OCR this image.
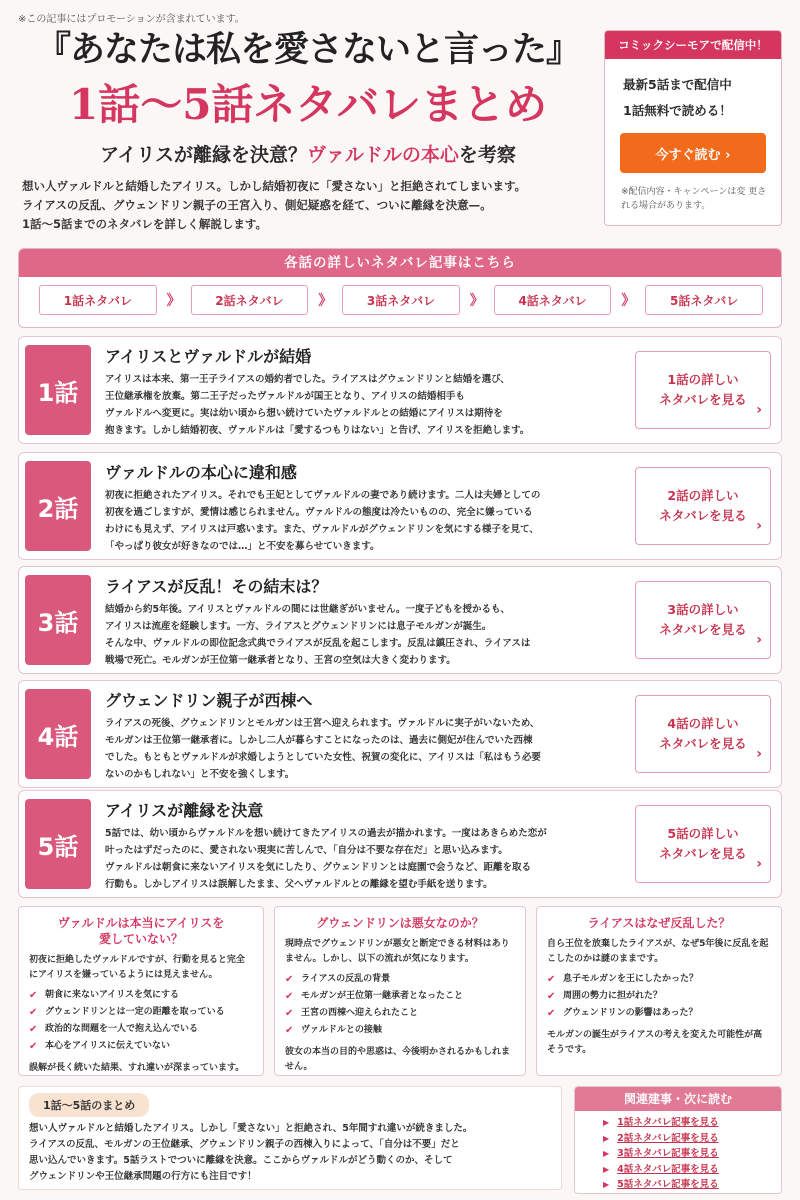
※この記事にはプロモーションが含まれています。
『あなたは私を愛さないと言った』
1話〜5話ネタバレまとめ
アイリスが離縁を決意？ヴァルドルの本心を考察
想い人ヴァルドルと結婚したアイリス。しかし結婚初夜に「愛さない」と拒絶されてしまいます。
ライアスの反乱、グウェンドリン親子の王宮入り、側妃疑惑を経て、ついに離縁を決意—。
1話〜5話までのネタバレを詳しく解説します。
コミックシーモアで配信中！
最新5話まで配信中
1話無料で読める！
今すぐ読む ›
※配信内容・キャンペーンは変 更される場合があります。
各話の詳しいネタバレ記事はこちら
1話ネタバレ	》	2話ネタバレ	》	3話ネタバレ	》	4話ネタバレ	》	5話ネタバレ
1話
アイリスとヴァルドルが結婚
アイリスは本来、第一王子ライアスの婚約者でした。ライアスはグウェンドリンと結婚を選び、
王位継承権を放棄。第二王子だったヴァルドルが国王となり、アイリスの結婚相手も
ヴァルドルへ変更に。実は幼い頃から想い続けていたヴァルドルとの結婚にアイリスは期待を
抱きます。しかし結婚初夜、ヴァルドルは「愛するつもりはない」と告げ、アイリスを拒絶します。
1話の詳しい
ネタバレを見る
›
2話
ヴァルドルの本心に違和感
初夜に拒絶されたアイリス。それでも王妃としてヴァルドルの妻であり続けます。二人は夫婦としての
初夜を過ごしますが、愛情は感じられません。ヴァルドルの態度は冷たいものの、完全に嫌っている
わけにも見えず、アイリスは戸惑います。また、ヴァルドルがグウェンドリンを気にする様子を見て、
「やっぱり彼女が好きなのでは…」と不安を募らせていきます。
2話の詳しい
ネタバレを見る
›
3話
ライアスが反乱！その結末は？
結婚から約5年後。アイリスとヴァルドルの間には世継ぎがいません。一度子どもを授かるも、
アイリスは流産を経験します。一方、ライアスとグウェンドリンには息子モルガンが誕生。
そんな中、ヴァルドルの即位記念式典でライアスが反乱を起こします。反乱は鎮圧され、ライアスは
戦場で死亡。モルガンが王位第一継承者となり、王宮の空気は大きく変わります。
3話の詳しい
ネタバレを見る
›
4話
グウェンドリン親子が西棟へ
ライアスの死後、グウェンドリンとモルガンは王宮へ迎えられます。ヴァルドルに実子がいないため、
モルガンは王位第一継承者に。しかし二人が暮らすことになったのは、過去に側妃が住んでいた西棟
でした。もともとヴァルドルが求婚しようとしていた女性、祝賀の変化に、アイリスは「私はもう必要
ないのかもしれない」と不安を強くします。
4話の詳しい
ネタバレを見る
›
5話
アイリスが離縁を決意
5話では、幼い頃からヴァルドルを想い続けてきたアイリスの過去が描かれます。一度はあきらめた恋が
叶ったはずだったのに、愛されない現実に苦しんで、「自分は不要な存在だ」と思い込みます。
ヴァルドルは朝食に来ないアイリスを気にしたり、グウェンドリンとは庭園で会うなど、距離を取る
行動も。しかしアイリスは誤解したまま、父へヴァルドルとの離縁を望む手紙を送ります。
5話の詳しい
ネタバレを見る
›
ヴァルドルは本当にアイリスを
愛していない？
初夜に拒絶したヴァルドルですが、行動を見ると完全にアイリスを嫌っているようには見えません。
✔ 朝食に来ないアイリスを気にする
✔ グウェンドリンとは一定の距離を取っている
✔ 政治的な問題を一人で抱え込んでいる
✔ 本心をアイリスに伝えていない
誤解が長く続いた結果、すれ違いが深まっています。
グウェンドリンは悪女なのか？
現時点でグウェンドリンが悪女と断定できる材料はありません。しかし、以下の流れが気になります。
✔ ライアスの反乱の背景
✔ モルガンが王位第一継承者となったこと
✔ 王宮の西棟へ迎えられたこと
✔ ヴァルドルとの接触
彼女の本当の目的や思惑は、今後明かされるかもしれません。
ライアスはなぜ反乱した？
自ら王位を放棄したライアスが、なぜ5年後に反乱を起こしたのかは謎のままです。
✔ 息子モルガンを王にしたかった？
✔ 周囲の勢力に担がれた？
✔ グウェンドリンの影響はあった？
モルガンの誕生がライアスの考えを変えた可能性が高そうです。
1話〜5話のまとめ
想い人ヴァルドルと結婚したアイリス。しかし「愛さない」と拒絶され、5年間すれ違いが続きました。
ライアスの反乱、モルガンの王位継承、グウェンドリン親子の西棟入りによって、「自分は不要」だと
思い込んでいきます。5話ラストでついに離縁を決意。ここからヴァルドルがどう動くのか、そして
グウェンドリンや王位継承問題の行方にも注目です！
関連建事・次に読む
▶ 1話ネタバレ記事を見る
▶ 2話ネタバレ記事を見る
▶ 3話ネタバレ記事を見る
▶ 4話ネタバレ記事を見る
▶ 5話ネタバレ記事を見る
